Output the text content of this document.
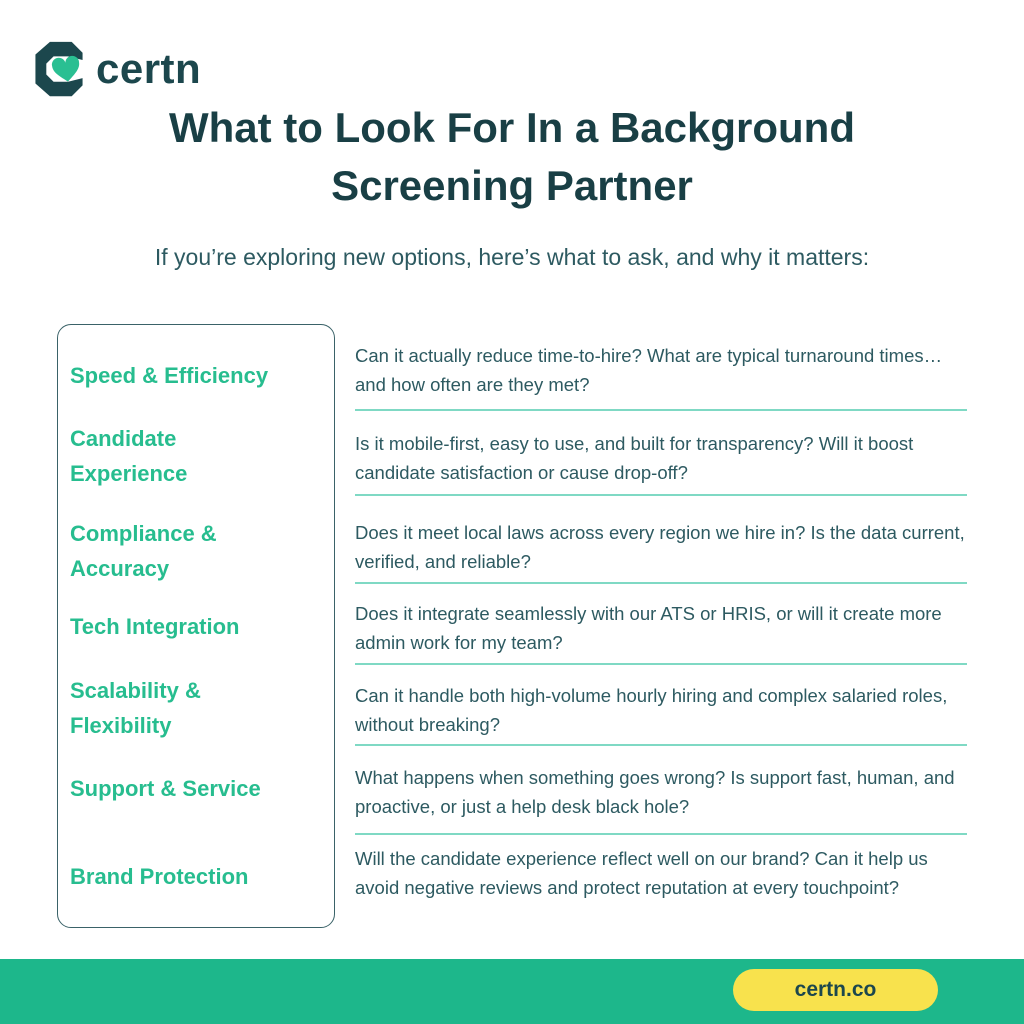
certn
What to Look For In a Background
Screening Partner
If you’re exploring new options, here’s what to ask, and why it matters:
Speed & Efficiency
Candidate Experience
Compliance & Accuracy
Tech Integration
Scalability & Flexibility
Support & Service
Brand Protection
Can it actually reduce time-to-hire? What are typical turnaround times… and how often are they met?
Is it mobile-first, easy to use, and built for transparency? Will it boost candidate satisfaction or cause drop-off?
Does it meet local laws across every region we hire in? Is the data current, verified, and reliable?
Does it integrate seamlessly with our ATS or HRIS, or will it create more admin work for my team?
Can it handle both high-volume hourly hiring and complex salaried roles, without breaking?
What happens when something goes wrong? Is support fast, human, and proactive, or just a help desk black hole?
Will the candidate experience reflect well on our brand? Can it help us avoid negative reviews and protect reputation at every touchpoint?
certn.co
